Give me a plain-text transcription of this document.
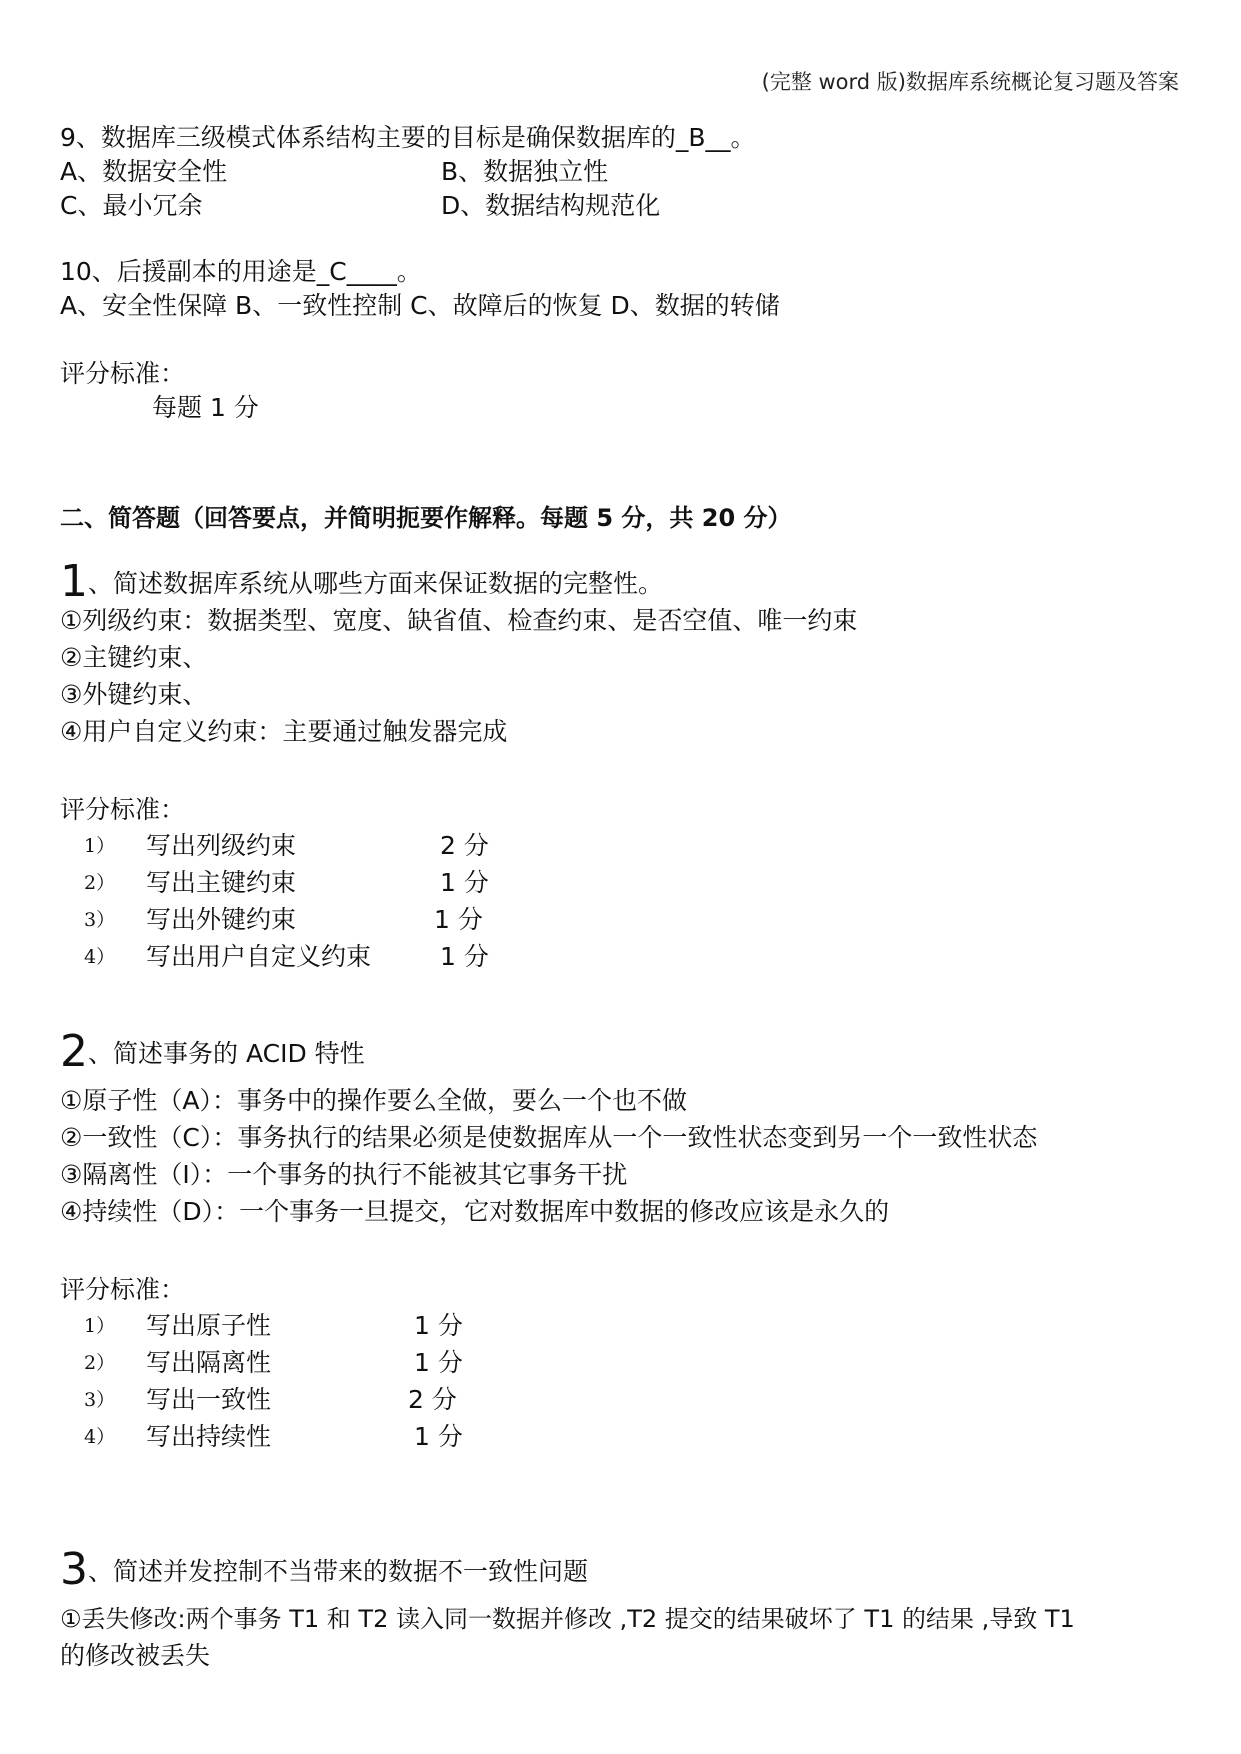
(完整 word 版)数据库系统概论复习题及答案
9、数据库三级模式体系结构主要的目标是确保数据库的_B__。
A、数据安全性	B、数据独立性
C、最小冗余	D、数据结构规范化
10、后援副本的用途是_C____。
A、安全性保障 B、一致性控制 C、故障后的恢复 D、数据的转储
评分标准：
每题 1 分
二、简答题（回答要点，并简明扼要作解释。每题 5 分，共 20 分）
1、简述数据库系统从哪些方面来保证数据的完整性。
①列级约束：数据类型、宽度、缺省值、检查约束、是否空值、唯一约束
②主键约束、
③外键约束、
④用户自定义约束：主要通过触发器完成
评分标准：
1） 写出列级约束	2 分
2） 写出主键约束	1 分
3） 写出外键约束	1 分
4） 写出用户自定义约束	1 分
2、简述事务的 ACID 特性
①原子性（A）：事务中的操作要么全做，要么一个也不做
②一致性（C）：事务执行的结果必须是使数据库从一个一致性状态变到另一个一致性状态
③隔离性（I）：一个事务的执行不能被其它事务干扰
④持续性（D）：一个事务一旦提交，它对数据库中数据的修改应该是永久的
评分标准：
1） 写出原子性	1 分
2） 写出隔离性	1 分
3） 写出一致性	2 分
4） 写出持续性	1 分
3、简述并发控制不当带来的数据不一致性问题
①丢失修改:两个事务 T1 和 T2 读入同一数据并修改 ,T2 提交的结果破坏了 T1 的结果 ,导致 T1
的修改被丢失
